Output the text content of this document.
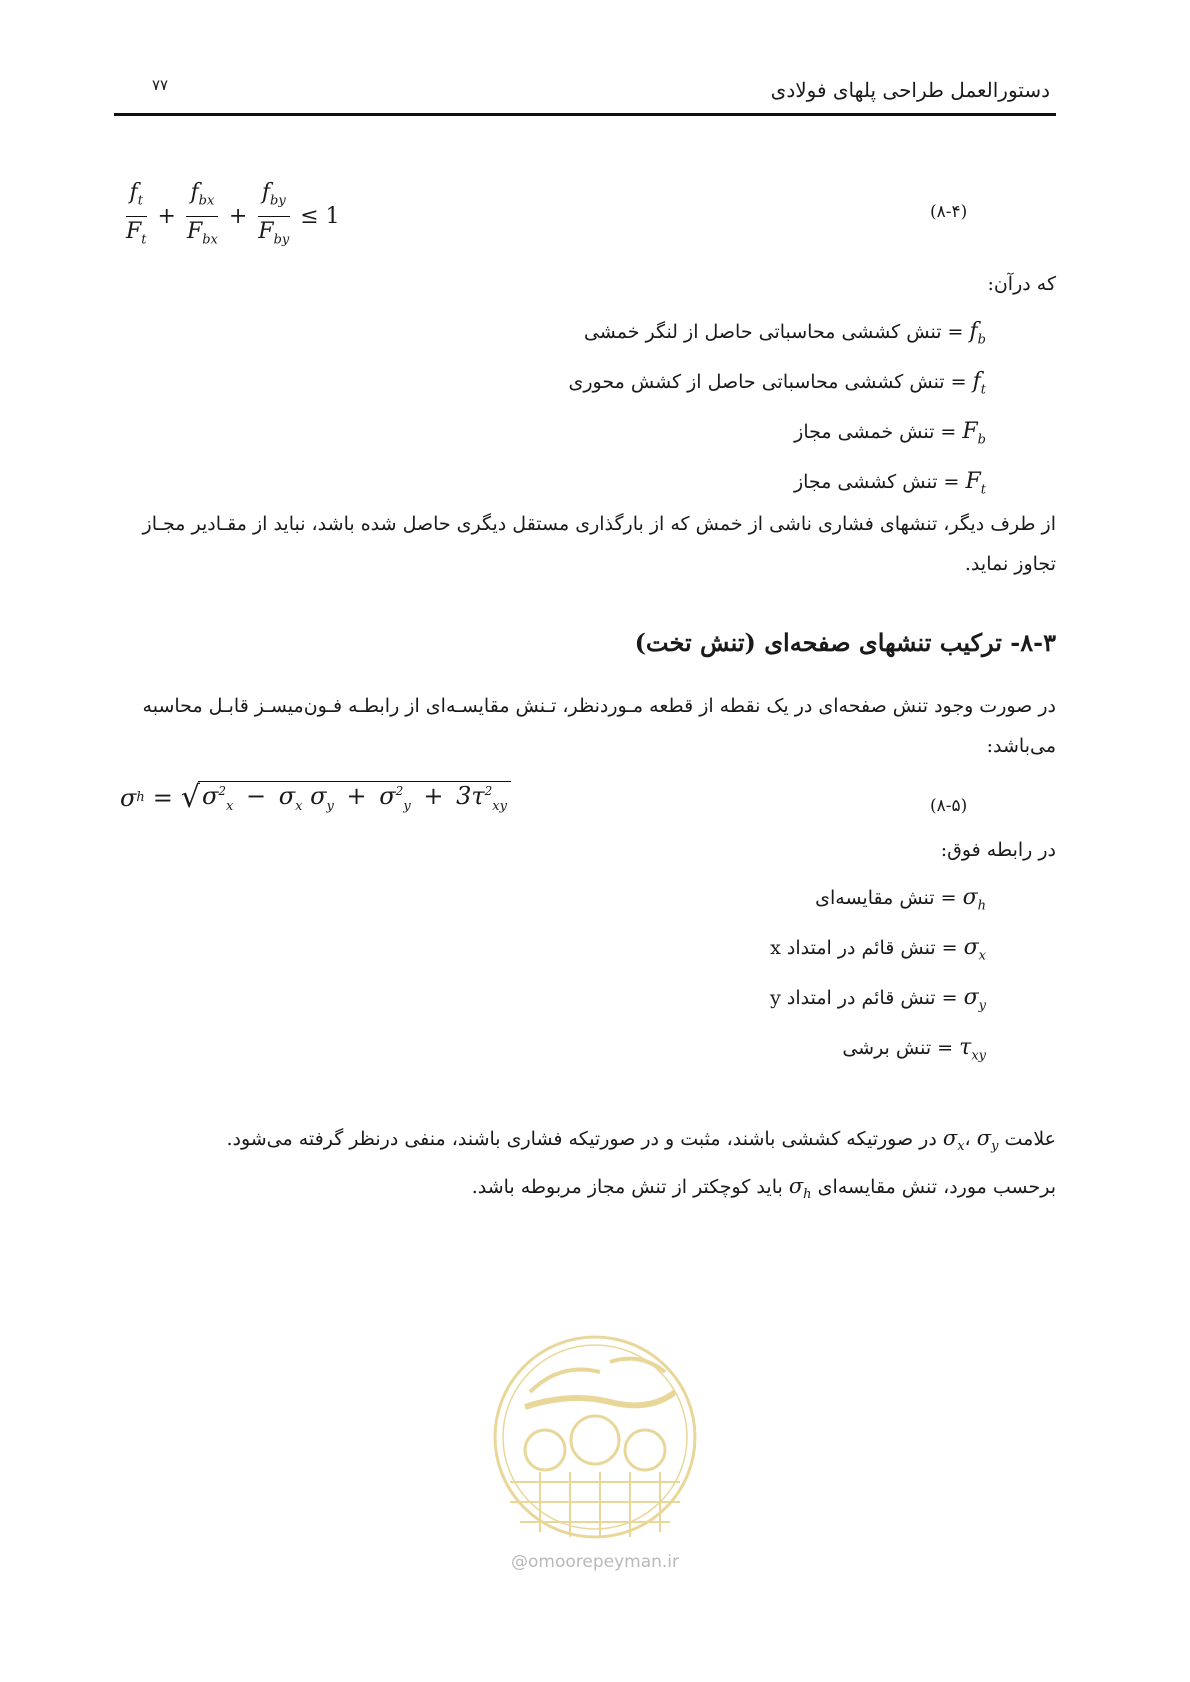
دستورالعمل طراحی پلهای فولادی
۷۷
$\frac{f_t}{F_t} + \frac{f_{bx}}{F_{bx}} + \frac{f_{by}}{F_{by}} \le 1$	(۸-۴)
که درآن:
$f_b$ = تنش کششی محاسباتی حاصل از لنگر خمشی
$f_t$ = تنش کششی محاسباتی حاصل از کشش محوری
$F_b$ = تنش خمشی مجاز
$F_t$ = تنش کششی مجاز
از طرف دیگر، تنشهای فشاری ناشی از خمش که از بارگذاری مستقل دیگری حاصل شده باشد، نباید از مقـادیر مجـاز تجاوز نماید.
۸-۳- ترکیب تنشهای صفحه‌ای (تنش تخت)
در صورت وجود تنش صفحه‌ای در یک نقطه از قطعه مـوردنظر، تـنش مقایسـه‌ای از رابطـه فـون‌میسـز قابـل محاسبه می‌باشد:
σ h = √ $\sigma^2_x - \sigma_x$ $\sigma_y + \sigma^2_y + 3\tau^2_{xy}$	(۸-۵)
در رابطه فوق:
$\sigma_h$ = تنش مقایسه‌ای
$\sigma_x$ = تنش قائم در امتداد x
$\sigma_y$ = تنش قائم در امتداد y
$\tau_{xy}$ = تنش برشی
علامت $\sigma_x،$ $\sigma_y$ در صورتیکه کششی باشند، مثبت و در صورتیکه فشاری باشند، منفی درنظر گرفته می‌شود.
برحسب مورد، تنش مقایسه‌ای $\sigma_h$ باید کوچکتر از تنش مجاز مربوطه باشد.
@omoorepeyman.ir
